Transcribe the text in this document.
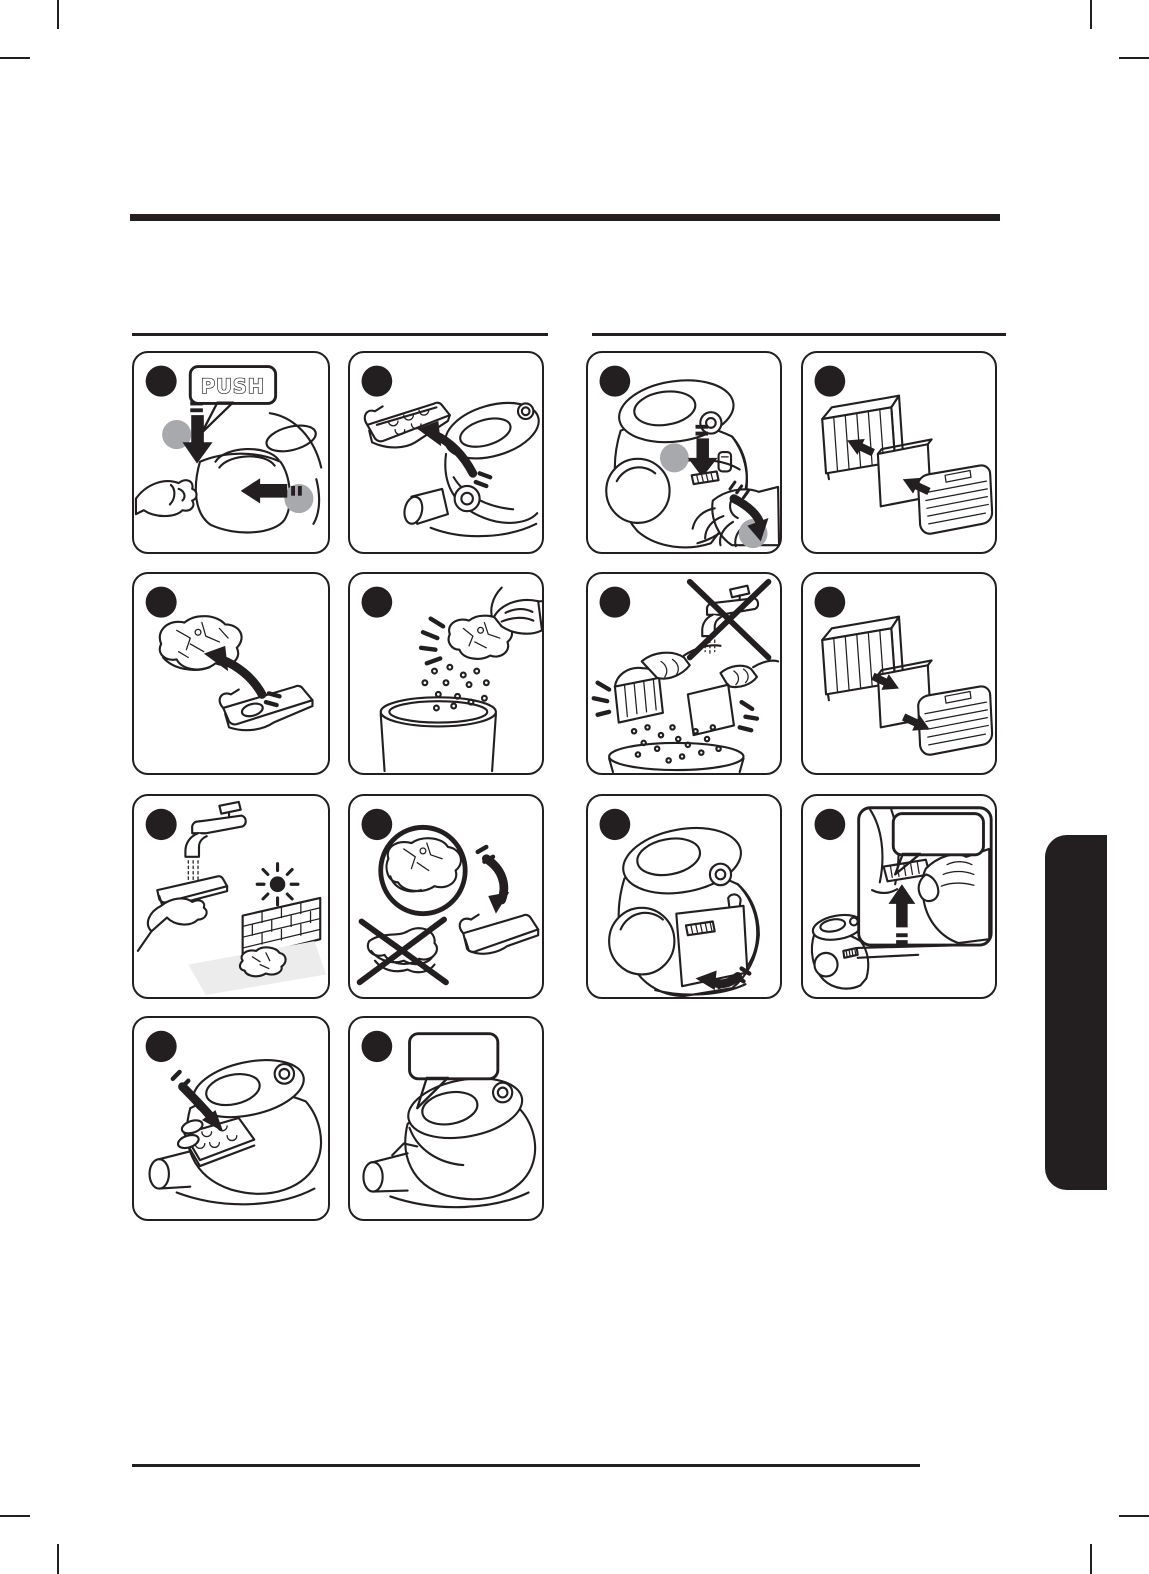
PUSH
